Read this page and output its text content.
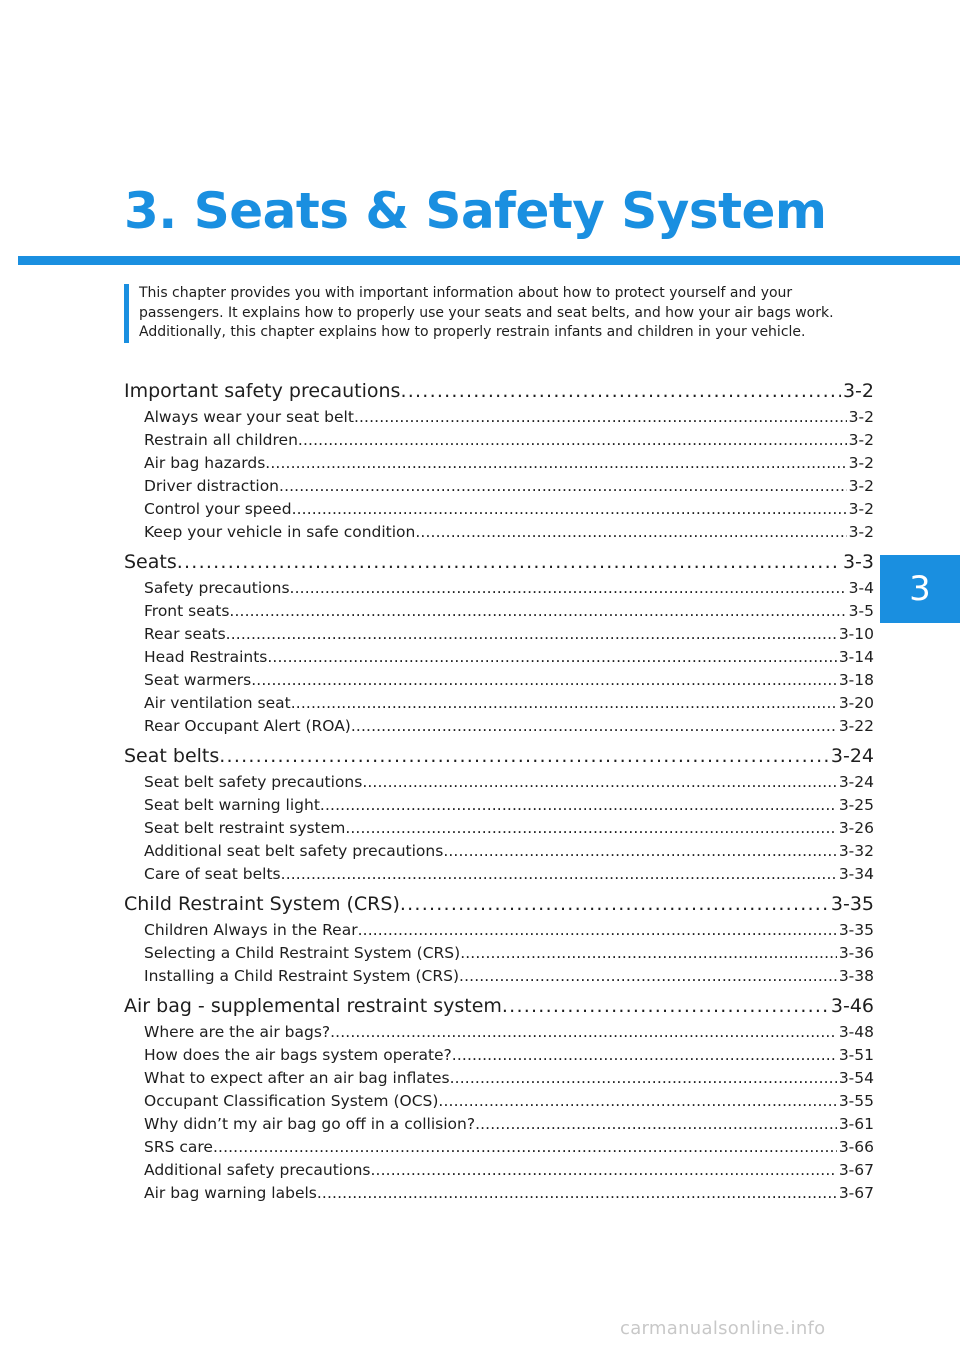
3. Seats & Safety System
This chapter provides you with important information about how to protect yourself and your passengers. It explains how to properly use your seats and seat belts, and how your air bags work. Additionally, this chapter explains how to properly restrain infants and children in your vehicle.
Important safety precautions . . .	3-2
Always wear your seat belt . . .	3-2
Restrain all children . . .	3-2
Air bag hazards . . .	3-2
Driver distraction . . .	3-2
Control your speed . . .	3-2
Keep your vehicle in safe condition . . .	3-2
Seats . . .	3-3
Safety precautions . . .	3-4
Front seats . . .	3-5
Rear seats . . .	3-10
Head Restraints . . .	3-14
Seat warmers . . .	3-18
Air ventilation seat . . .	3-20
Rear Occupant Alert (ROA) . . .	3-22
Seat belts . . .	3-24
Seat belt safety precautions . . .	3-24
Seat belt warning light . . .	3-25
Seat belt restraint system . . .	3-26
Additional seat belt safety precautions . . .	3-32
Care of seat belts . . .	3-34
Child Restraint System (CRS) . . .	3-35
Children Always in the Rear . . .	3-35
Selecting a Child Restraint System (CRS) . . .	3-36
Installing a Child Restraint System (CRS) . . .	3-38
Air bag - supplemental restraint system . . .	3-46
Where are the air bags? . . .	3-48
How does the air bags system operate? . . .	3-51
What to expect after an air bag inflates . . .	3-54
Occupant Classification System (OCS) . . .	3-55
Why didn’t my air bag go off in a collision? . . .	3-61
SRS care . . .	3-66
Additional safety precautions . . .	3-67
Air bag warning labels . . .	3-67
3
carmanualsonline.info
